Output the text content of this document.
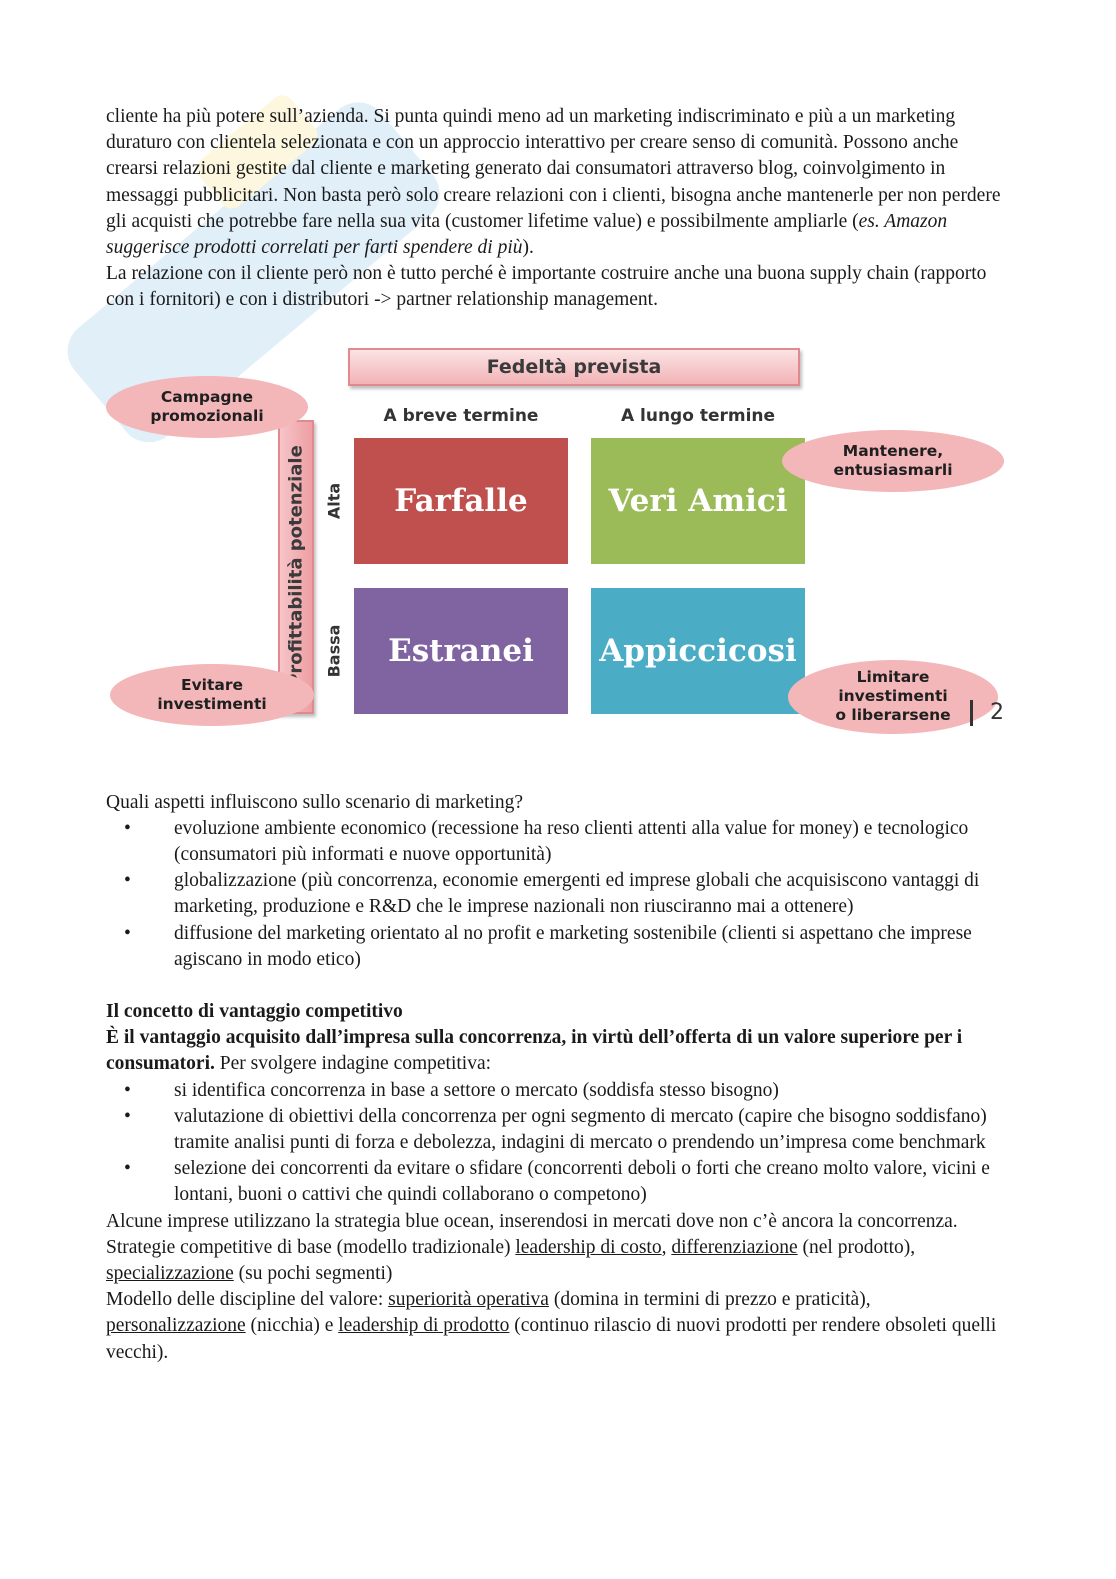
cliente ha più potere sull’azienda. Si punta quindi meno ad un marketing indiscriminato e più a un marketing duraturo con clientela selezionata e con un approccio interattivo per creare senso di comunità. Possono anche crearsi relazioni gestite dal cliente e marketing generato dai consumatori attraverso blog, coinvolgimento in messaggi pubblicitari. Non basta però solo creare relazioni con i clienti, bisogna anche mantenerle per non perdere gli acquisti che potrebbe fare nella sua vita (customer lifetime value) e possibilmente ampliarle (es. Amazon suggerisce prodotti correlati per farti spendere di più).

La relazione con il cliente però non è tutto perché è importante costruire anche una buona supply chain (rapporto con i fornitori) e con i distributori -> partner relationship management.

Fedeltà prevista
A breve termine	A lungo termine
Profittabilità potenziale Alta
Bassa
Farfalle	Veri Amici
Estranei	Appiccicosi
Campagne
promozionali
Mantenere,
entusiasmarli
Evitare
investimenti
Limitare
investimenti
o liberarsene 2

Quali aspetti influiscono sullo scenario di marketing?

• evoluzione ambiente economico (recessione ha reso clienti attenti alla value for money) e tecnologico (consumatori più informati e nuove opportunità)
• globalizzazione (più concorrenza, economie emergenti ed imprese globali che acquisiscono vantaggi di marketing, produzione e R&D che le imprese nazionali non riusciranno mai a ottenere)
• diffusione del marketing orientato al no profit e marketing sostenibile (clienti si aspettano che imprese agiscano in modo etico)

Il concetto di vantaggio competitivo

È il vantaggio acquisito dall’impresa sulla concorrenza, in virtù dell’offerta di un valore superiore per i consumatori. Per svolgere indagine competitiva:

• si identifica concorrenza in base a settore o mercato (soddisfa stesso bisogno)
• valutazione di obiettivi della concorrenza per ogni segmento di mercato (capire che bisogno soddisfano) tramite analisi punti di forza e debolezza, indagini di mercato o prendendo un’impresa come benchmark
• selezione dei concorrenti da evitare o sfidare (concorrenti deboli o forti che creano molto valore, vicini e lontani, buoni o cattivi che quindi collaborano o competono)

Alcune imprese utilizzano la strategia blue ocean, inserendosi in mercati dove non c’è ancora la concorrenza.

Strategie competitive di base (modello tradizionale) leadership di costo, differenziazione (nel prodotto), specializzazione (su pochi segmenti)

Modello delle discipline del valore: superiorità operativa (domina in termini di prezzo e praticità), personalizzazione (nicchia) e leadership di prodotto (continuo rilascio di nuovi prodotti per rendere obsoleti quelli vecchi).
